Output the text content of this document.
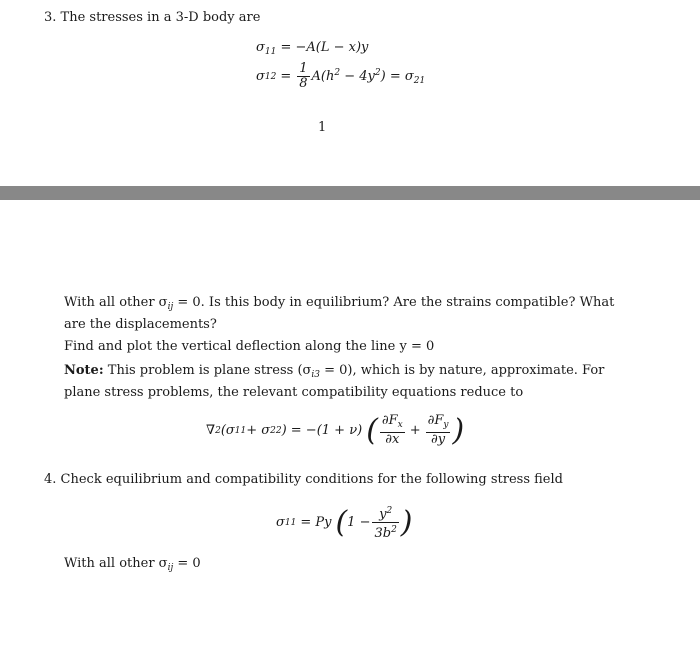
3. The stresses in a 3-D body are
$\sigma_{11} = -A(L - x)y$
σ $12 = \frac{1}{8} A(h^2 - 4y^2) = \sigma_{21}$
1
With all other $\sigma_{ij} = 0$. Is this body in equilibrium? Are the strains compatible? What
are the displacements?
Find and plot the vertical deflection along the line y = 0
Note: This problem is plane stress $(\sigma_{i3} = 0)$, which is by nature, approximate. For
plane stress problems, the relevant compatibility equations reduce to
∇ 2 (σ 11 + σ 22 ) = −(1 + ν) ( $\frac{\partial F_x}{\partial x} + \frac{\partial F_y}{\partial y}$ )
4. Check equilibrium and compatibility conditions for the following stress field
σ 11 = Py ( $1 - \frac{y^2}{3b^2}$ )
With all other $\sigma_{ij} = 0$
